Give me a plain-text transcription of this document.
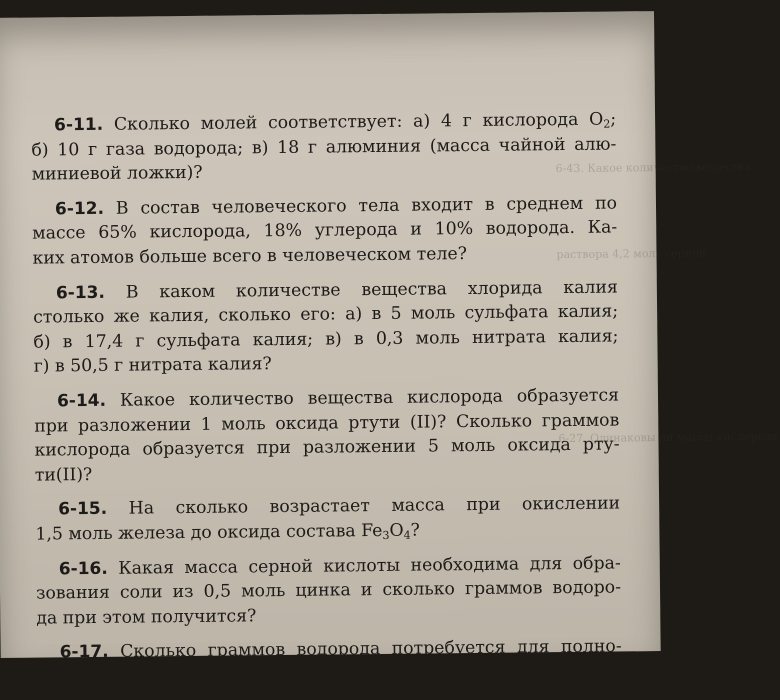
6-43. Какое количество вещества
раствора 4,2 моль серной
6-27. Одинаковы ли массы кислорода
6-11. Сколько молей соответствует: а) 4 г кислорода $O_2$;
б) 10 г газа водорода; в) 18 г алюминия (масса чайной алю-
миниевой ложки)?
6-12. В состав человеческого тела входит в среднем по
массе 65% кислорода, 18% углерода и 10% водорода. Ка-
ких атомов больше всего в человеческом теле?
6-13. В каком количестве вещества хлорида калия
столько же калия, сколько его: а) в 5 моль сульфата калия;
б) в 17,4 г сульфата калия; в) в 0,3 моль нитрата калия;
г) в 50,5 г нитрата калия?
6-14. Какое количество вещества кислорода образуется
при разложении 1 моль оксида ртути (II)? Сколько граммов
кислорода образуется при разложении 5 моль оксида рту-
ти(II)?
6-15. На сколько возрастает масса при окислении
1,5 моль железа до оксида состава $Fe_3O_4$?
6-16. Какая масса серной кислоты необходима для обра-
зования соли из 0,5 моль цинка и сколько граммов водоро-
да при этом получится?
6-17. Сколько граммов водорода потребуется для полно-
го восстановления: а) 0,3 моль оксида меди(II); б) 20 г окси-
